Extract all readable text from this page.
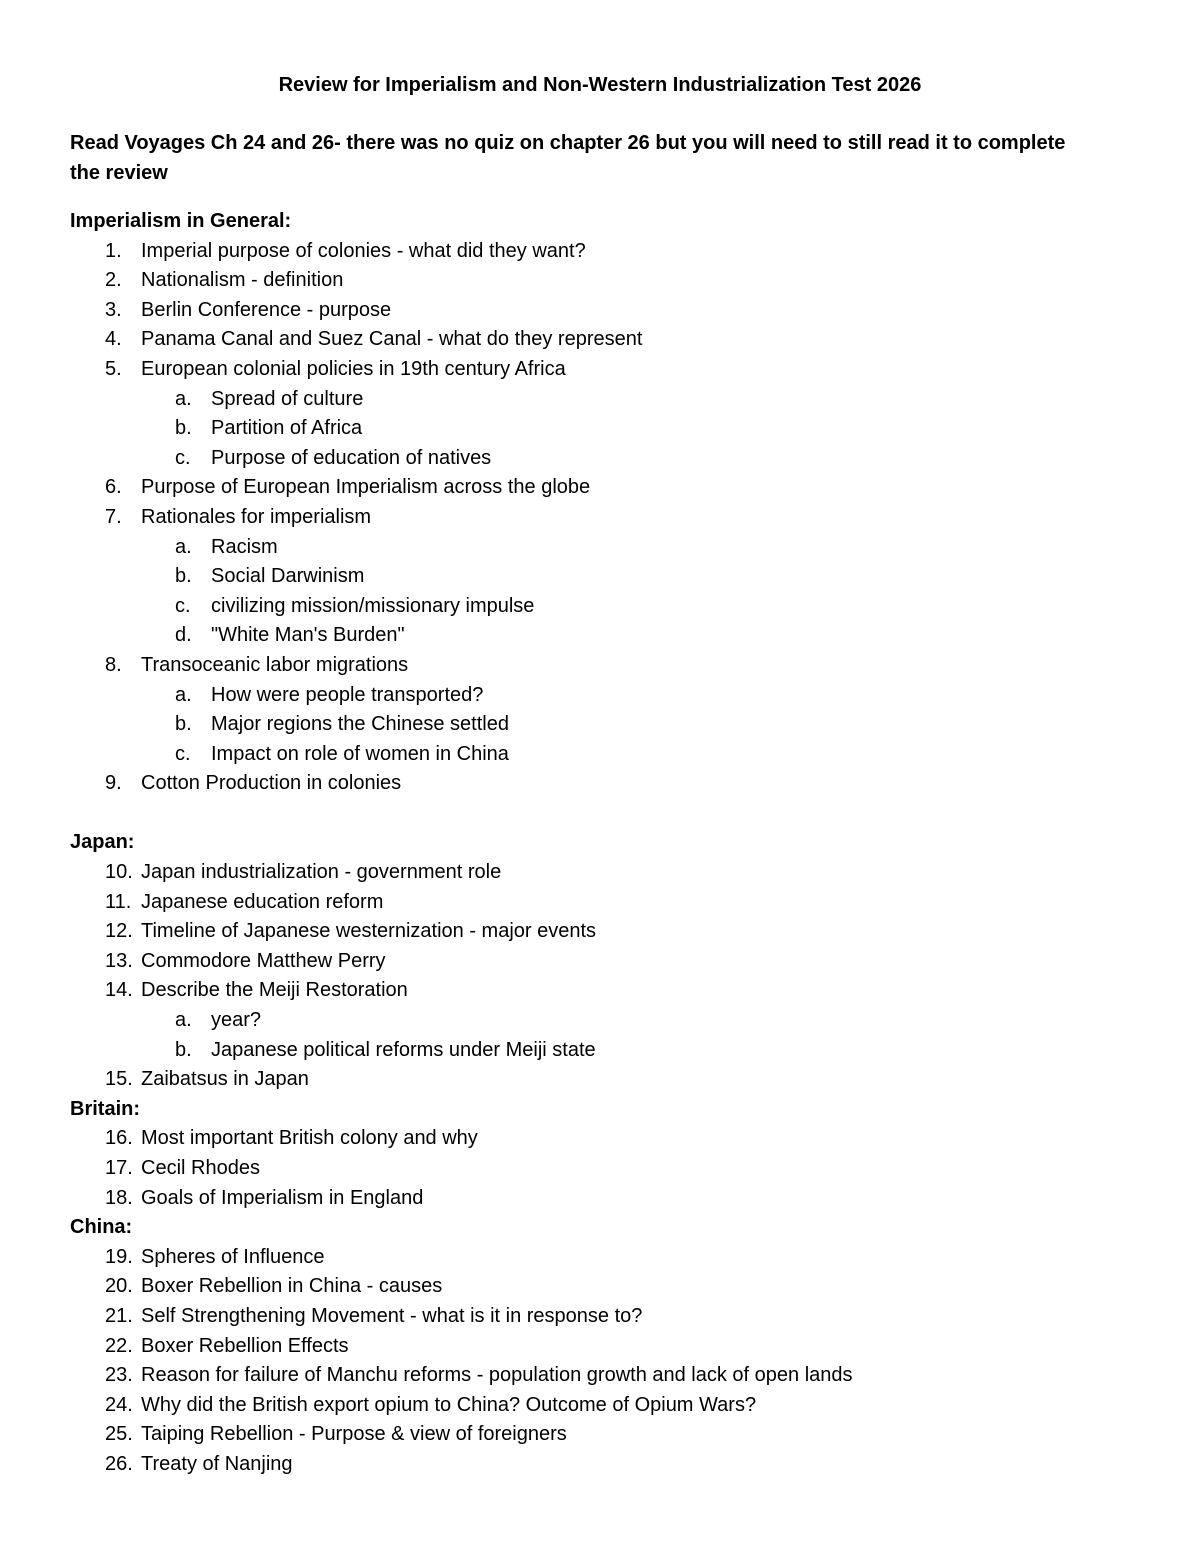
Review for Imperialism and Non-Western Industrialization Test 2026
Read Voyages Ch 24 and 26- there was no quiz on chapter 26 but you will need to still read it to complete the review
Imperialism in General:
1. Imperial purpose of colonies - what did they want?
2. Nationalism - definition
3. Berlin Conference - purpose
4. Panama Canal and Suez Canal - what do they represent
5. European colonial policies in 19th century Africa
a. Spread of culture
b. Partition of Africa
c. Purpose of education of natives
6. Purpose of European Imperialism across the globe
7. Rationales for imperialism
a. Racism
b. Social Darwinism
c. civilizing mission/missionary impulse
d. "White Man's Burden"
8. Transoceanic labor migrations
a. How were people transported?
b. Major regions the Chinese settled
c. Impact on role of women in China
9. Cotton Production in colonies
Japan:
10. Japan industrialization - government role
11. Japanese education reform
12. Timeline of Japanese westernization - major events
13. Commodore Matthew Perry
14. Describe the Meiji Restoration
a. year?
b. Japanese political reforms under Meiji state
15. Zaibatsus in Japan
Britain:
16. Most important British colony and why
17. Cecil Rhodes
18. Goals of Imperialism in England
China:
19. Spheres of Influence
20. Boxer Rebellion in China - causes
21. Self Strengthening Movement - what is it in response to?
22. Boxer Rebellion Effects
23. Reason for failure of Manchu reforms - population growth and lack of open lands
24. Why did the British export opium to China? Outcome of Opium Wars?
25. Taiping Rebellion - Purpose & view of foreigners
26. Treaty of Nanjing
